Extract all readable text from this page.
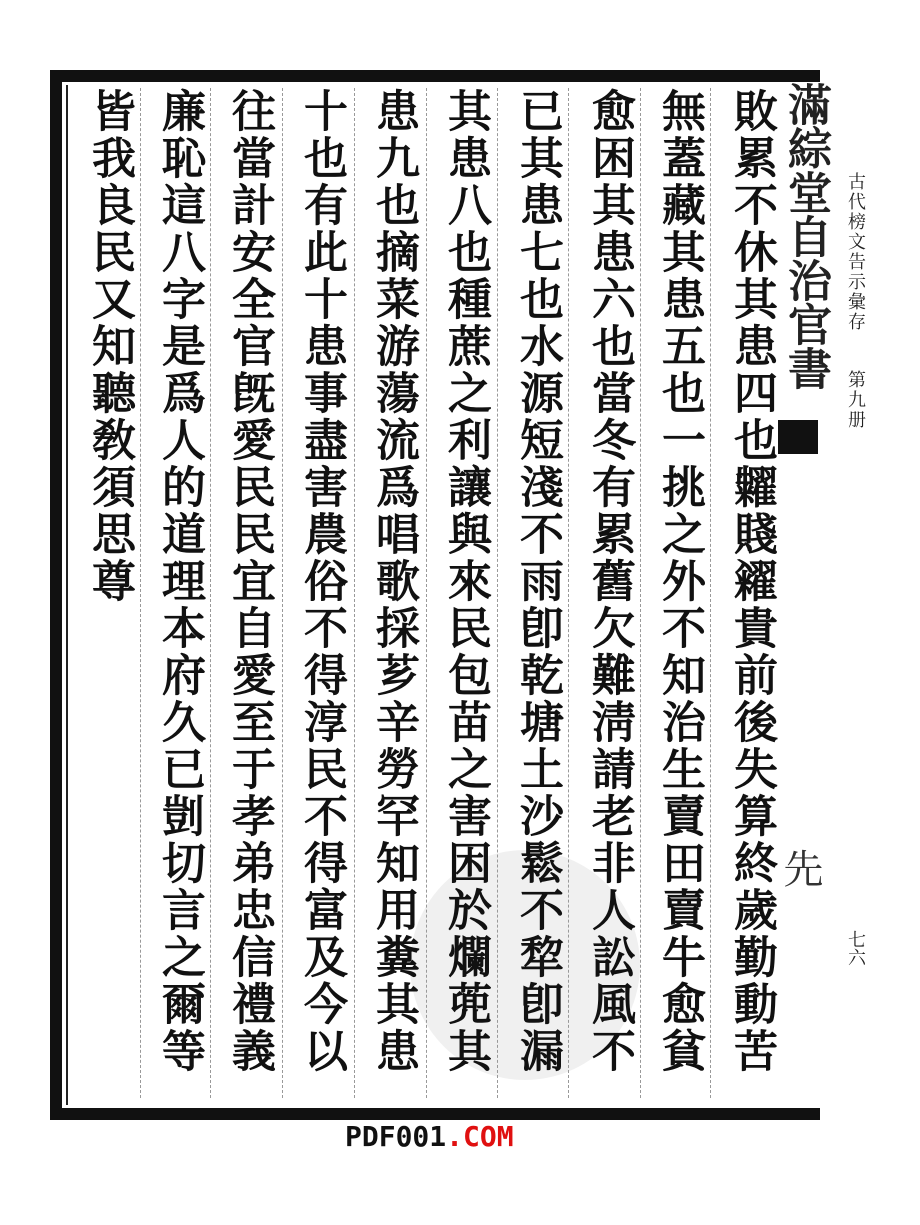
滿綜堂自治官書
先
敗累不休其患四也糶賤糴貴前後失算終歲勤動苦
無蓋藏其患五也一挑之外不知治生賣田賣牛愈貧
愈困其患六也當冬有累舊欠難淸請老非人訟風不
已其患七也水源短淺不雨卽乾塘土沙鬆不犂卽漏
其患八也種蔗之利讓與來民包苗之害困於爛蔸其
患九也摘菜游蕩流爲唱歌採芗辛勞罕知用糞其患
十也有此十患事盡害農俗不得淳民不得富及今以
往當計安全官旣愛民民宜自愛至于孝弟忠信禮義
廉恥這八字是爲人的道理本府久已剴切言之爾等
皆我良民又知聽敎須思尊	古代榜文告示彙存
第九册
七六
PDF001.COM
